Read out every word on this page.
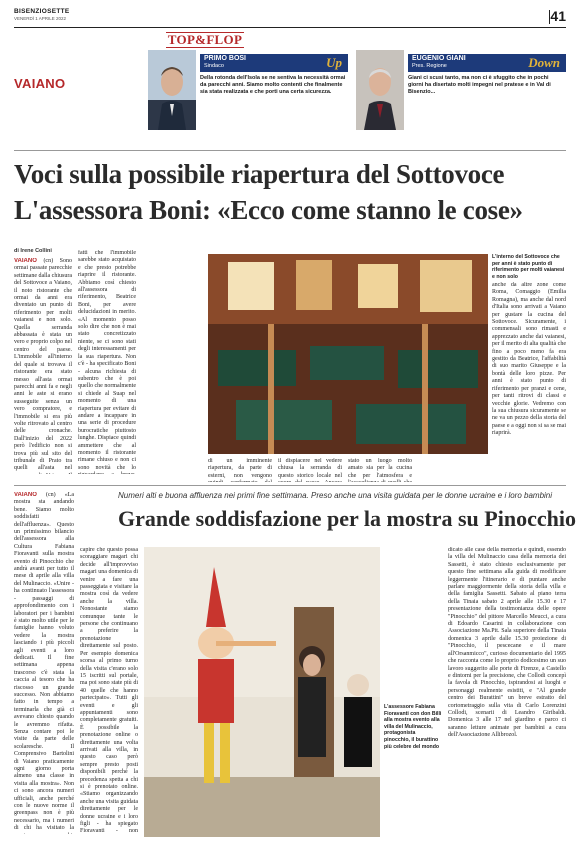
BISENZIOSETTE
VENERDÌ 1 APRILE 2022	41
VAIANO
TOP&FLOP
PRIMO BOSI
Sindaco	Up
Della rotonda dell'Isola se ne sentiva la necessità ormai da parecchi anni. Siamo molto contenti che finalmente sia stata realizzata e che porti una certa sicurezza.
EUGENIO GIANI
Pres. Regione	Down
Giani ci scusi tanto, ma non ci è sfuggito che in pochi giorni ha disertato molti impegni nel pratese e in Val di Bisenzio...
Voci sulla possibile riapertura del Sottovoce
L'assessora Boni: «Ecco come stanno le cose»
di Irene Collini
VAIANO (cn) Sono ormai passate parecchie settimane dalla chiusura del Sottovoce a Vaiano, il noto ristorante che ormai da anni era diventato un punto di riferimento per molti vaianesi e non solo. Quella serranda abbassata è stata un vero e proprio colpo nel centro del paese. L'immobile all'interno del quale si trovava il ristorante era stato messo all'asta ormai parecchi anni fa e negli anni le aste si erano susseguite senza un vero compratore, e l'immobile si era più volte ritrovato al centro delle cronache. Dall'inizio del 2022 però l'edificio non si trova più sul sito del tribunale di Prato tra quelli all'asta nel
fatti che l'immobile sarebbe stato acquistato e che presto potrebbe riaprire il ristorante. Abbiamo così chiesto all'assessora di riferimento, Beatrice Boni, per avere delucidazioni in merito. «Al momento posso solo dire che non è mai stato concretizzato niente, se ci sono stati degli interessamenti per la sua riapertura. Non c'è - ha specificato Boni - alcuna richiesta di subentro che è poi quello che normalmente si chiede al Suap nel momento di una riapertura per evitare di andare a incappare in una serie di procedure burocratiche piuttosto lunghe. Dispiace quindi ammettere che al momento il ristorante rimane chiuso e non ci sono novità che lo
L'interno del Sottovoce che per anni è stato punto di riferimento per molti vaianesi e non solo
di un imminente riapertura, da parte di esterni, non vengono
il dispiacere nel vedere chiusa la serranda di questo storico locale nel
stato un luogo molto amato sia per la cucina che per l'atmosfera e
anche da altre zone come Roma, Comaggio (Emilia Romagna), ma anche dal nord d'Italia sono arrivati a Vaiano per gustare la cucina del Sottovoce. Sicuramente, i commensali sono rimasti e apprezzato anche dai vaianesi, per il merito di alta qualità che fino a poco meno fa era gestito da Beatrice, l'affabilità di suo marito Giuseppe e la bontà delle loro pizze. Per anni è stato punto di riferimento per pranzi e cene, per tanti ritrovi di classi e vecchie glorie. Vedremo con la sua chiusura sicuramente se ne va un pezzo della storia del paese e a oggi non si sa se mai riaprirà.
Numeri alti e buona affluenza nei primi fine settimana. Preso anche una visita guidata per le donne ucraine e i loro bambini
Grande soddisfazione per la mostra su Pinocchio
VAIANO (cn) «La mostra sta andando bene. Siamo molto soddisfatti dell'affluenza». Questo un primissimo bilancio dell'assessora alla Cultura Fabiana Fioravanti sulla mostra evento di Pinocchio che andrà avanti per tutto il mese di aprile alla villa del Mulinaccio. «Unire - ha continuato l'assessora - passaggi di approfondimento con i laboratori per i bambini è stato molto utile per le famiglie hanno voluto vedere la mostra lasciando i più piccoli agli eventi a loro dedicati. Il fine settimana appena trascorso c'è stata la caccia al tesoro che ha riscosso un grande successo. Non abbiamo fatto in tempo a terminarla che già ci avevano chiesto quando le avremmo rifatta. Senza contare poi le visite da parte delle scolaresche. Il Comprensivo Bartolini di Vaiano praticamente ogni giorno porta almeno una classe in visita alla mostra». Non ci sono ancora numeri ufficiali, anche perché con le nuove norme il greenpass non è più necessario, ma i numeri di chi ha visitato la
capire che questo possa scoraggiare magari chi decide all'improvviso magari una domenica di venire a fare una passeggiata e visitare la mostra così da vedere anche la villa. Nonostante siamo comunque tante le persone che continuano a preferire la prenotazione direttamente sul posto. Per esempio domenica scorsa al primo turno della visita c'erano solo 15 iscritti sul portale, ma poi sono state più di 40 quelle che hanno partecipato». Tutti gli eventi e gli appuntamenti sono completamente gratuiti. È possibile la prenotazione online o direttamente una volta arrivati alla villa, in questo caso però sempre presto posti disponibili perché la precedenza spetta a chi si è prenotato online. «Stiamo organizzando anche una visita guidata direttamente per le donne ucraine e i loro figli - ha spiegato Fioravanti - non
L'assessore Fabiana Fioravanti con don Billi alla mostra evento alla villa del Mulinaccio, protagonista pinocchio, il burattino più celebre del mondo
dicato alle case della memoria e quindi, essendo la villa del Mulinaccio casa della memoria dei Sassetti, è stato chiesto esclusivamente per questo fine settimana alla guida di modificare leggermente l'itinerario e di puntare anche parlare maggiormente della storia della villa e della famiglia Sassetti. Sabato al piano terra della Tinaia sabato 2 aprile alle 15.30 e 17 presentazione della testimonianza delle opere "Pinocchio" del pittore Marcello Meucci, a cura di Edoardo Casarini in collaborazione con Associazione Ma.Pit. Sala superiore della Tinaia domenica 3 aprile dalle 15.30 proiezione di "Pinocchio, il pescecane e il mare all'Orsanmicco", curioso documentario del 1995 che racconta come lo proprio dodicesimo un suo lavoro suggerito alle porte di Firenze, a Castello e dintorni per la precisione, che Collodi concepì la favola di Pinocchio, ispirandosi ai luoghi e personaggi realmente esistiti, e "Al grande centro dei Burattini" un breve estratto del cortometraggio sulla vita di Carlo Lorenzini Collodi, scenarii di Leandro Giribaldi. Domenica 3 alle 17 nel giardino e parco ci saranno letture animate per bambini a cura dell'Associazione Allibrozol.
